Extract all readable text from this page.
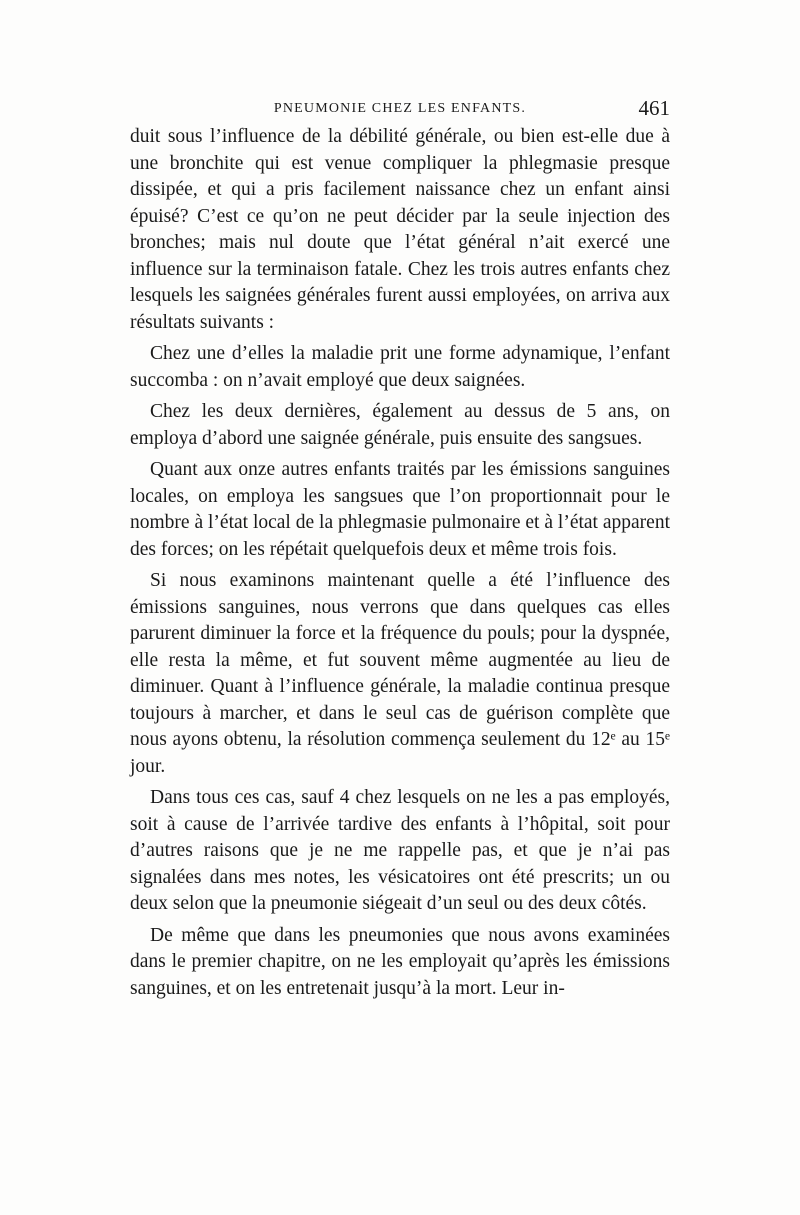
PNEUMONIE CHEZ LES ENFANTS.	461

duit sous l’influence de la débilité générale, ou bien est-elle due à une bronchite qui est venue compliquer la phlegmasie presque dissipée, et qui a pris facilement naissance chez un enfant ainsi épuisé? C’est ce qu’on ne peut décider par la seule injection des bronches; mais nul doute que l’état général n’ait exercé une influence sur la terminaison fatale. Chez les trois autres enfants chez lesquels les saignées générales furent aussi employées, on arriva aux résultats suivants :

Chez une d’elles la maladie prit une forme adynamique, l’enfant succomba : on n’avait employé que deux saignées.

Chez les deux dernières, également au dessus de 5 ans, on employa d’abord une saignée générale, puis ensuite des sangsues.

Quant aux onze autres enfants traités par les émissions sanguines locales, on employa les sangsues que l’on proportionnait pour le nombre à l’état local de la phlegmasie pulmonaire et à l’état apparent des forces; on les répétait quelquefois deux et même trois fois.

Si nous examinons maintenant quelle a été l’influence des émissions sanguines, nous verrons que dans quelques cas elles parurent diminuer la force et la fréquence du pouls; pour la dyspnée, elle resta la même, et fut souvent même augmentée au lieu de diminuer. Quant à l’influence générale, la maladie continua presque toujours à marcher, et dans le seul cas de guérison complète que nous ayons obtenu, la résolution commença seulement du 12ᵉ au 15ᵉ jour.

Dans tous ces cas, sauf 4 chez lesquels on ne les a pas employés, soit à cause de l’arrivée tardive des enfants à l’hôpital, soit pour d’autres raisons que je ne me rappelle pas, et que je n’ai pas signalées dans mes notes, les vésicatoires ont été prescrits; un ou deux selon que la pneumonie siégeait d’un seul ou des deux côtés.

De même que dans les pneumonies que nous avons examinées dans le premier chapitre, on ne les employait qu’après les émissions sanguines, et on les entretenait jusqu’à la mort. Leur in-
